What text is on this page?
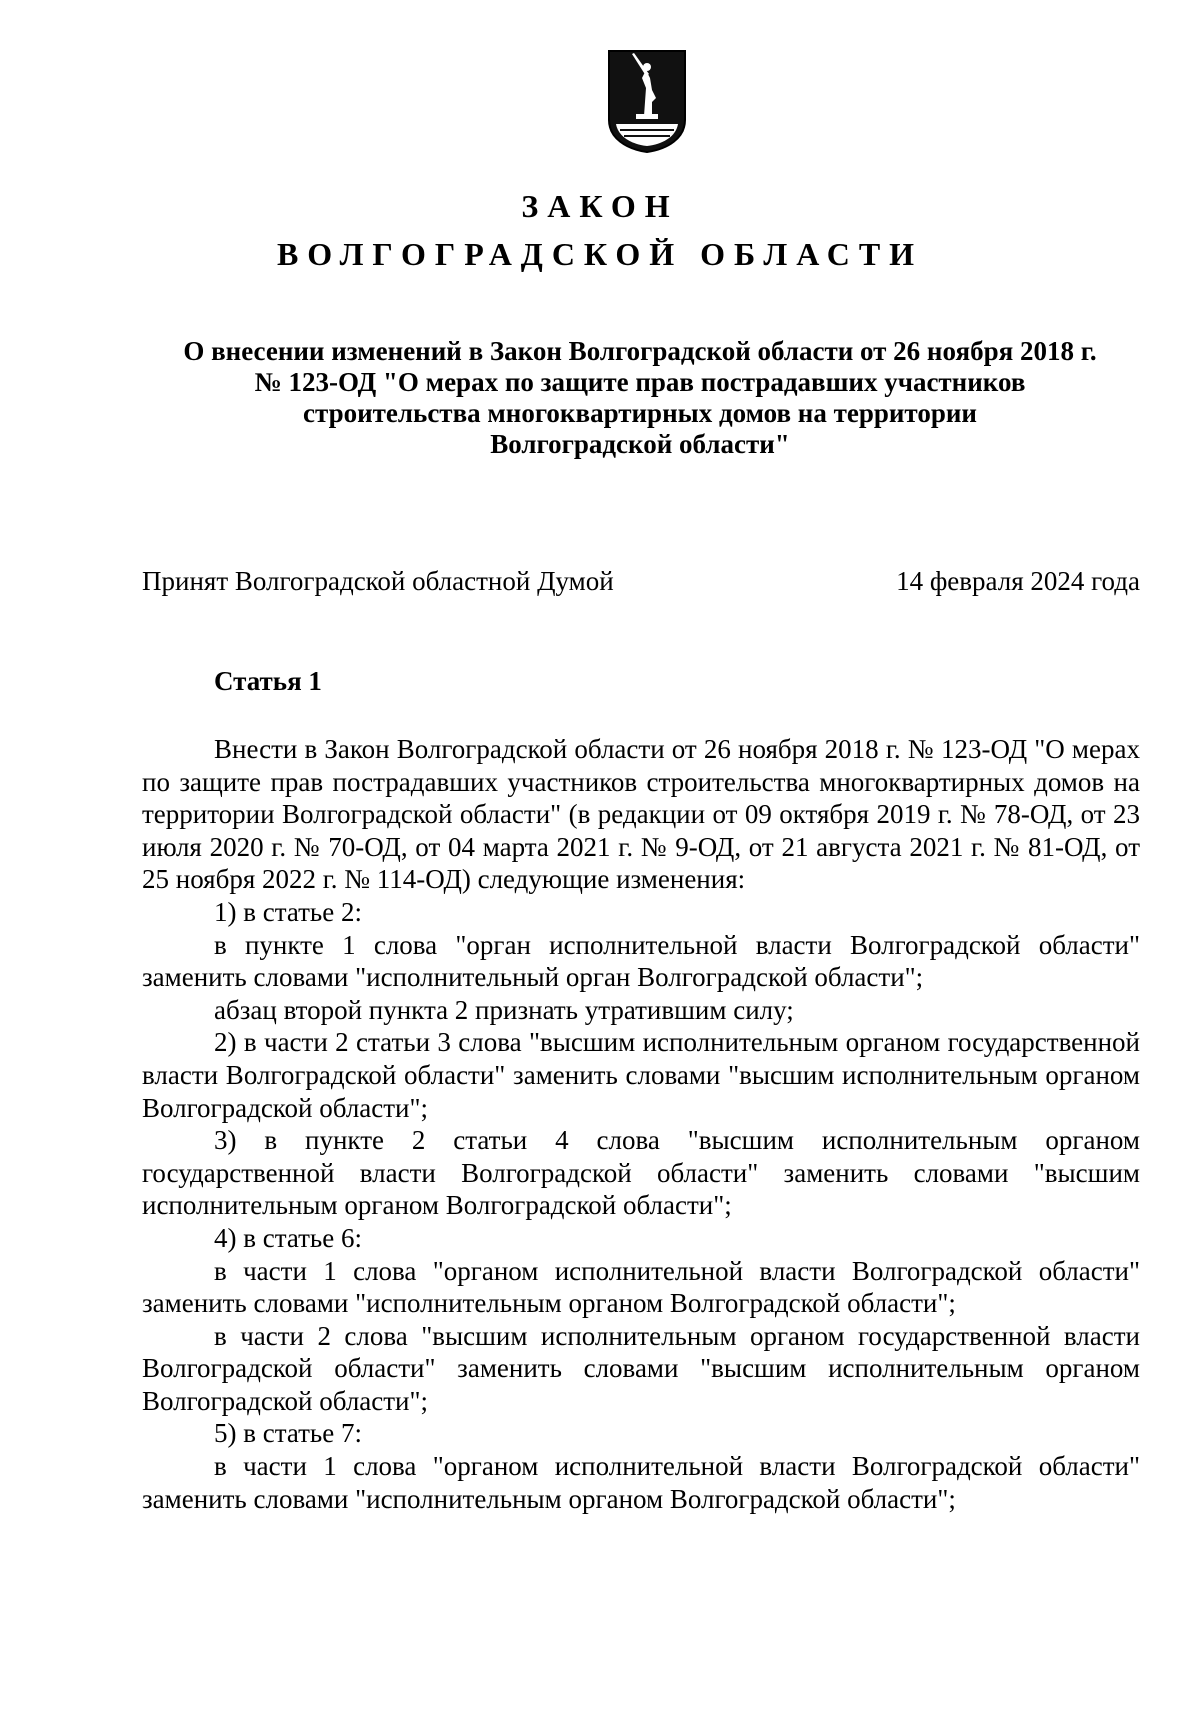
ЗАКОН
ВОЛГОГРАДСКОЙ ОБЛАСТИ
О внесении изменений в Закон Волгоградской области от 26 ноября 2018 г.
№ 123-ОД "О мерах по защите прав пострадавших участников
строительства многоквартирных домов на территории
Волгоградской области"
Принят Волгоградской областной Думой	14 февраля 2024 года
Статья 1

Внести в Закон Волгоградской области от 26 ноября 2018 г. № 123-ОД "О мерах по защите прав пострадавших участников строительства многоквартирных домов на территории Волгоградской области" (в редакции от 09 октября 2019 г. № 78-ОД, от 23 июля 2020 г. № 70-ОД, от 04 марта 2021 г. № 9-ОД, от 21 августа 2021 г. № 81-ОД, от 25 ноября 2022 г. № 114-ОД) следующие изменения:

1) в статье 2:

в пункте 1 слова "орган исполнительной власти Волгоградской области" заменить словами "исполнительный орган Волгоградской области";

абзац второй пункта 2 признать утратившим силу;

2) в части 2 статьи 3 слова "высшим исполнительным органом государственной власти Волгоградской области" заменить словами "высшим исполнительным органом Волгоградской области";

3) в пункте 2 статьи 4 слова "высшим исполнительным органом государственной власти Волгоградской области" заменить словами "высшим исполнительным органом Волгоградской области";

4) в статье 6:

в части 1 слова "органом исполнительной власти Волгоградской области" заменить словами "исполнительным органом Волгоградской области";

в части 2 слова "высшим исполнительным органом государственной власти Волгоградской области" заменить словами "высшим исполнительным органом Волгоградской области";

5) в статье 7:

в части 1 слова "органом исполнительной власти Волгоградской области" заменить словами "исполнительным органом Волгоградской области";
